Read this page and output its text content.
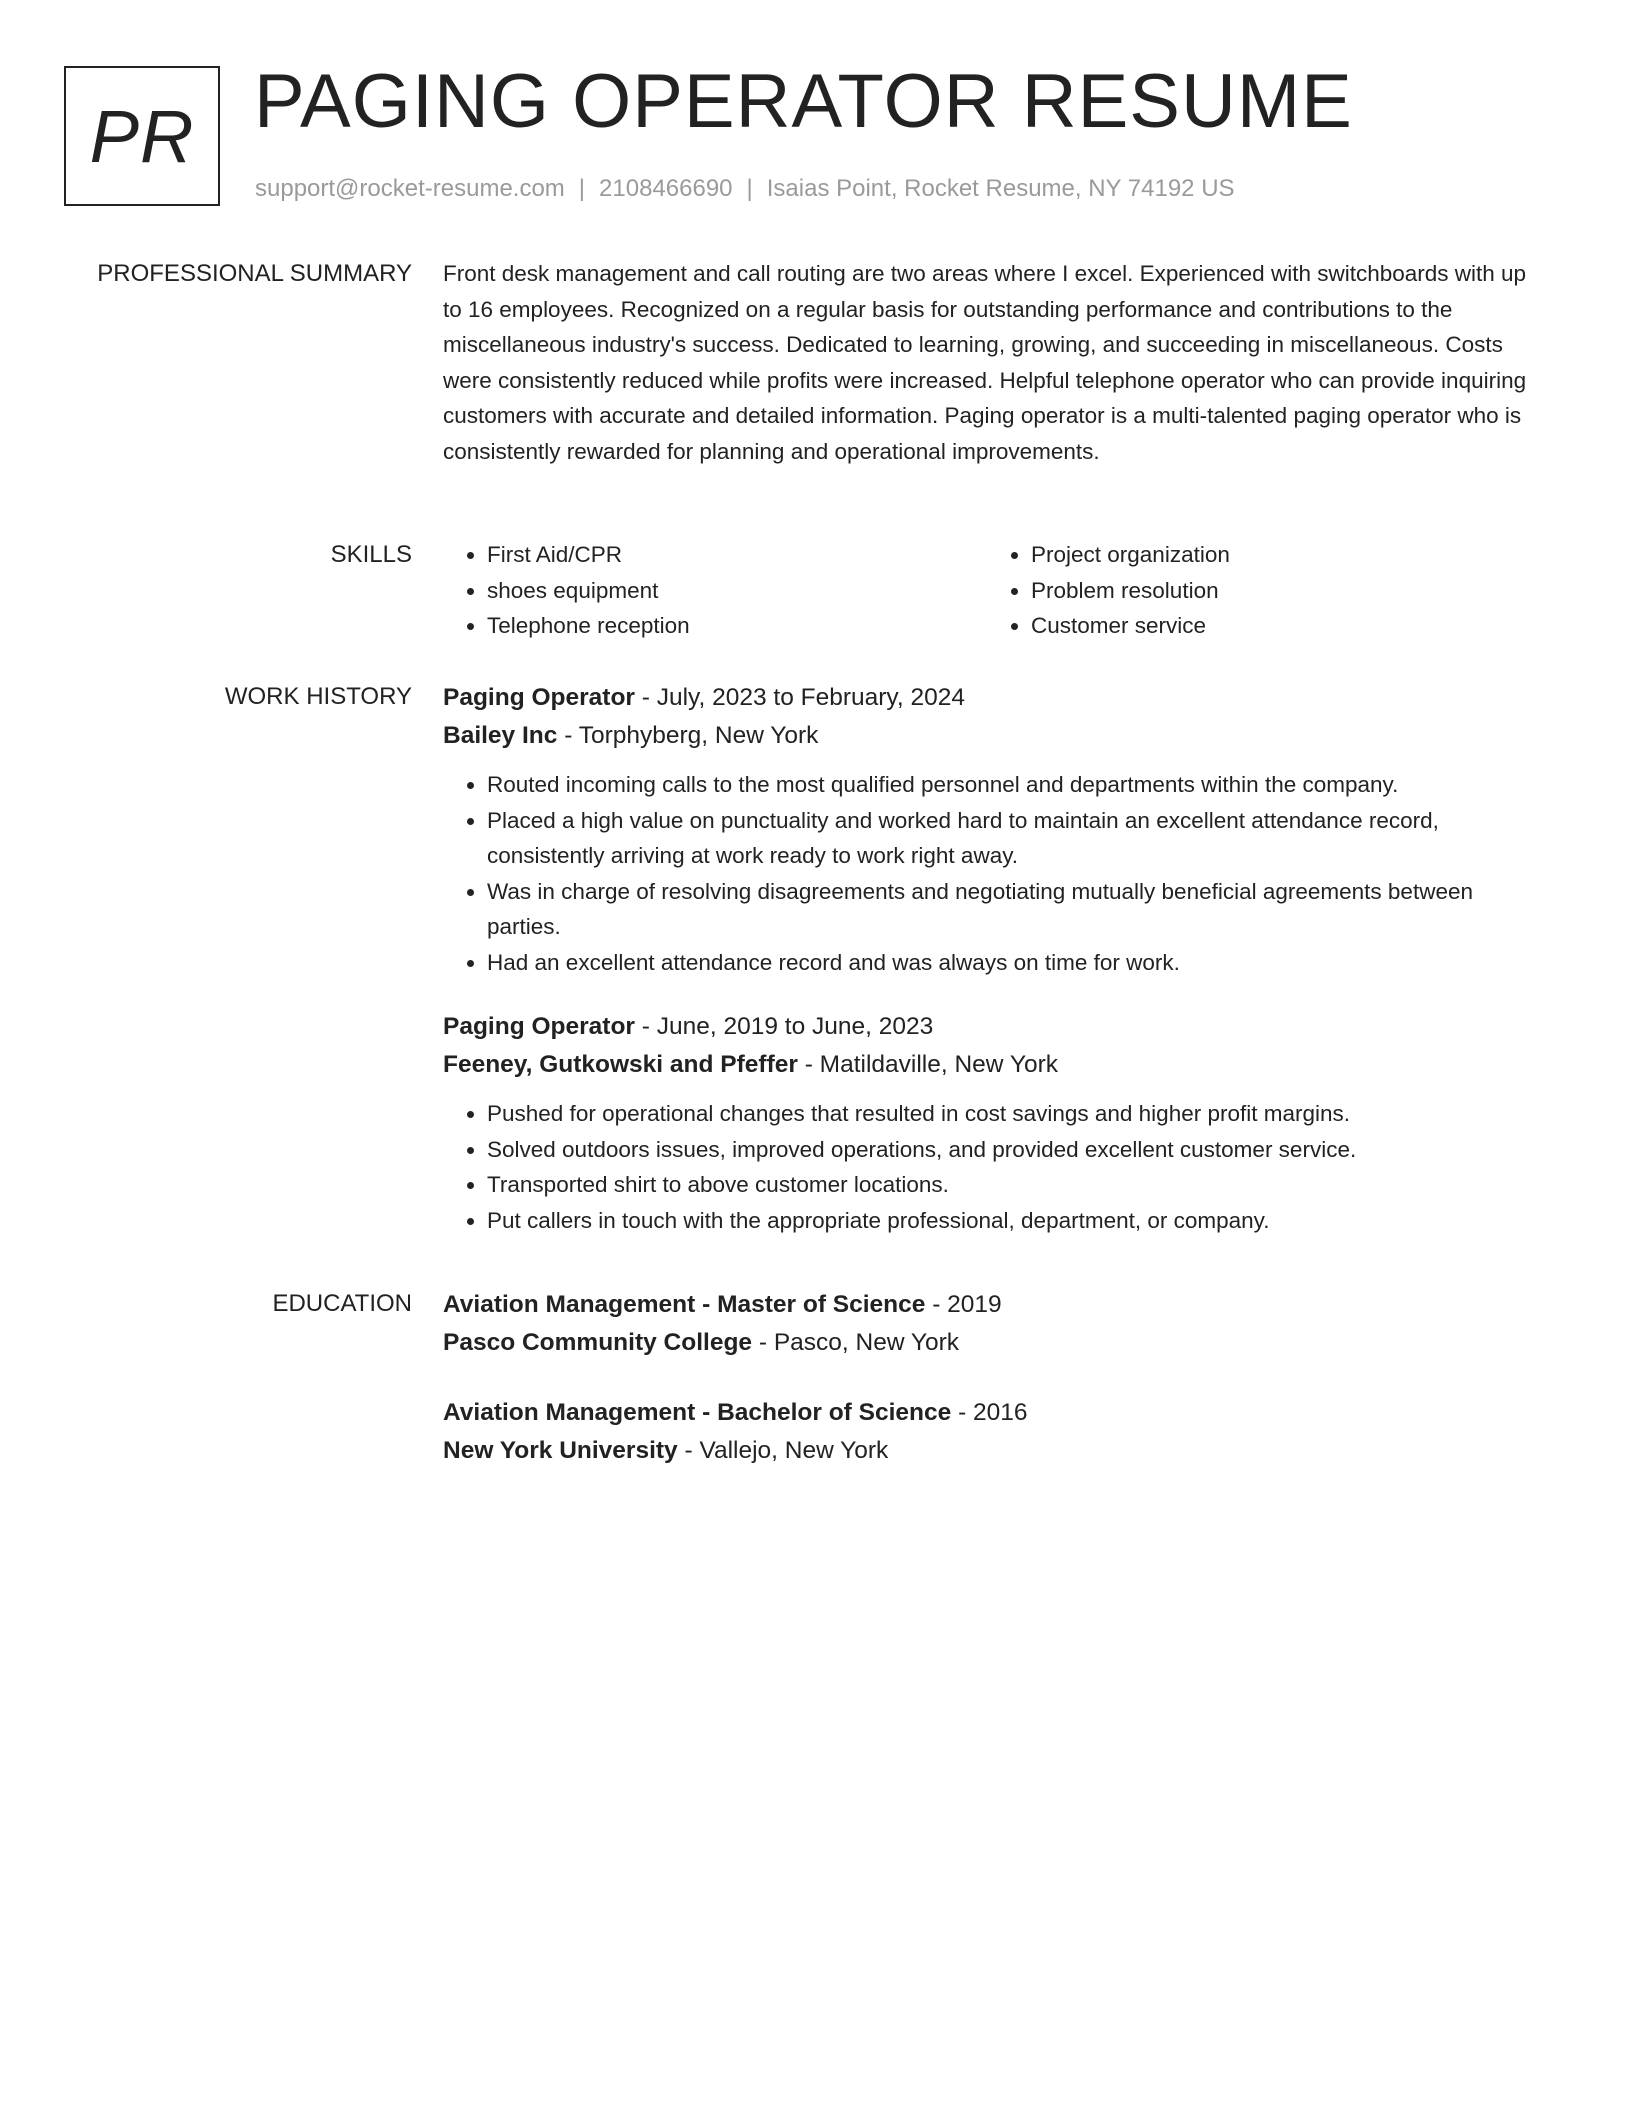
PR PAGING OPERATOR RESUME
support@rocket-resume.com | 2108466690 | Isaias Point, Rocket Resume, NY 74192 US
PROFESSIONAL SUMMARY Front desk management and call routing are two areas where I excel. Experienced with switchboards with up to 16 employees. Recognized on a regular basis for outstanding performance and contributions to the miscellaneous industry's success. Dedicated to learning, growing, and succeeding in miscellaneous. Costs were consistently reduced while profits were increased. Helpful telephone operator who can provide inquiring customers with accurate and detailed information. Paging operator is a multi-talented paging operator who is consistently rewarded for planning and operational improvements.

SKILLS
•	First Aid/CPR
• shoes equipment
• Telephone reception
• Project organization
• Problem resolution
• Customer service
WORK HISTORY Paging Operator - July, 2023 to February, 2024
Bailey Inc - Torphyberg, New York
• Routed incoming calls to the most qualified personnel and departments within the company.
• Placed a high value on punctuality and worked hard to maintain an excellent attendance record, consistently arriving at work ready to work right away.
• Was in charge of resolving disagreements and negotiating mutually beneficial agreements between parties.
• Had an excellent attendance record and was always on time for work.
Paging Operator - June, 2019 to June, 2023
Feeney, Gutkowski and Pfeffer - Matildaville, New York
• Pushed for operational changes that resulted in cost savings and higher profit margins.
• Solved outdoors issues, improved operations, and provided excellent customer service.
• Transported shirt to above customer locations.
• Put callers in touch with the appropriate professional, department, or company.
EDUCATION Aviation Management - Master of Science - 2019
Pasco Community College - Pasco, New York
Aviation Management - Bachelor of Science - 2016
New York University - Vallejo, New York
